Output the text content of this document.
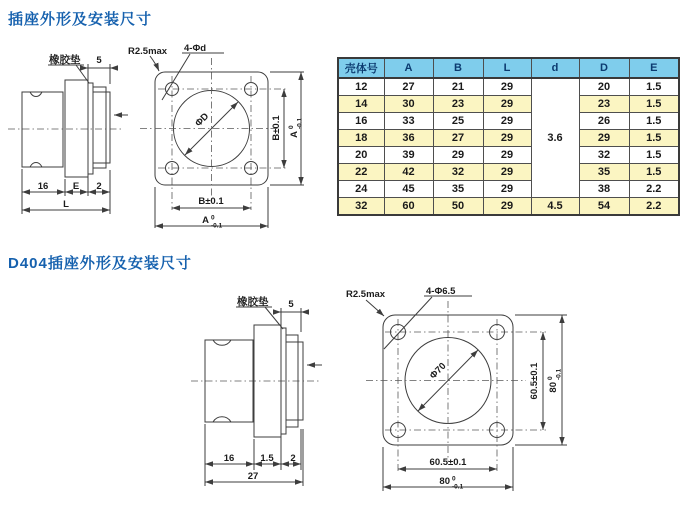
插座外形及安装尺寸
D404插座外形及安装尺寸
5
橡胶垫
16	E 2
L
ΦD
R2.5max 4-Φd
B±0.1 A
0 -0.1
B±0.1
A 0
-0.1
壳体号	A	B	L	d	D	E
12	27	21	29	3.6	20	1.5
14	30	23	29		23	1.5
16	33	25	29		26	1.5
18	36	27	29		29	1.5
20	39	29	29		32	1.5
22	42	32	29		35	1.5
24	45	35	29		38	2.2
32	60	50	29	4.5	54	2.2
5
橡胶垫
16	1.5 2
27
Φ70
R2.5max	4-Φ6.5
60.5±0.1 80
0 -0.1
60.5±0.1
80 0
-0.1
